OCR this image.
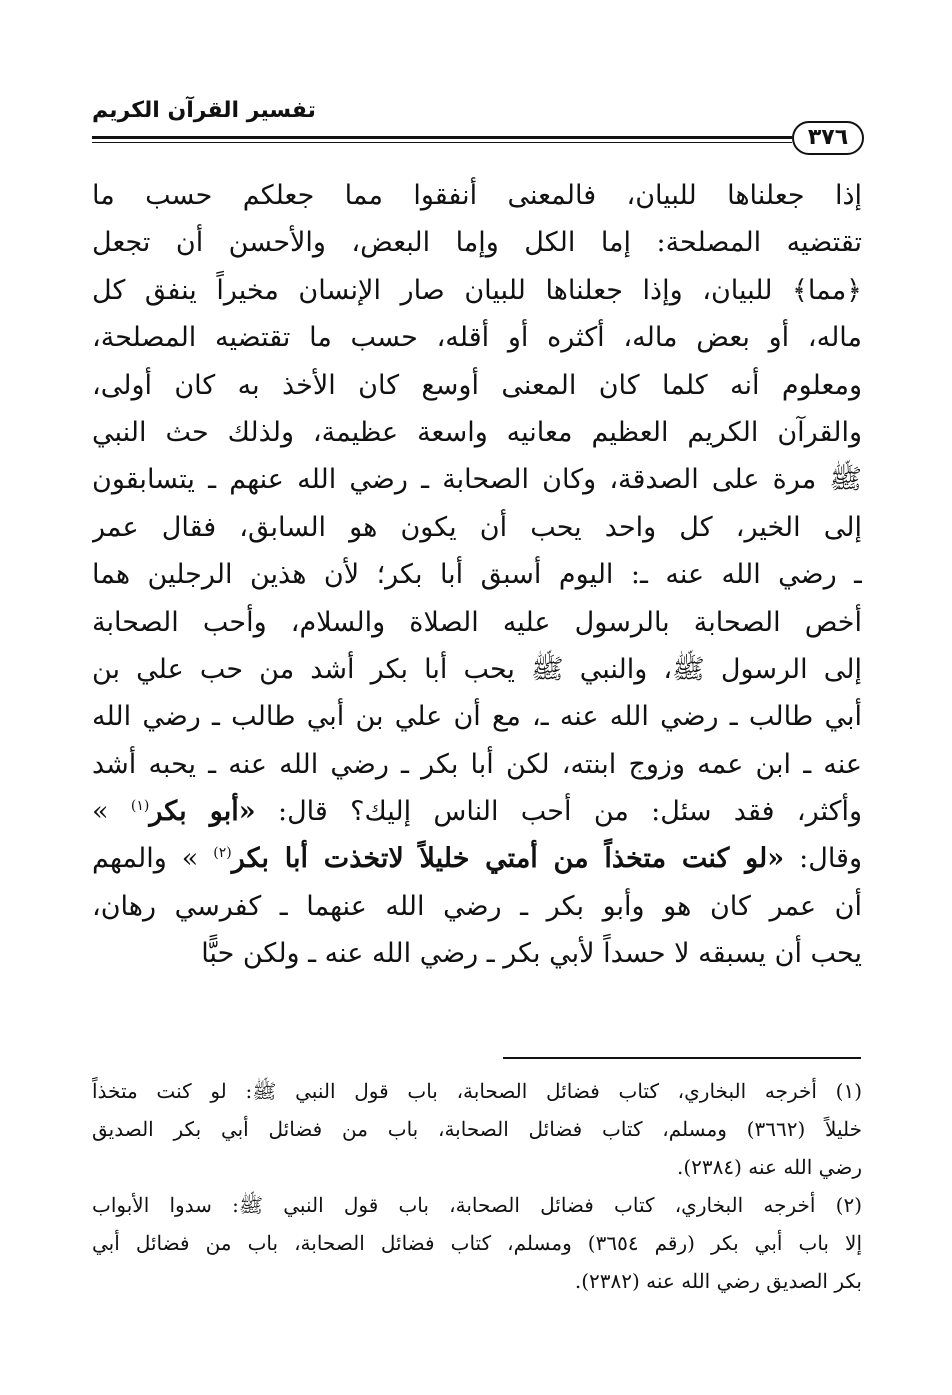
تفسير القرآن الكريم
٣٧٦
إذا جعلناها للبيان، فالمعنى أنفقوا مما جعلكم حسب ما
تقتضيه المصلحة: إما الكل وإما البعض، والأحسن أن تجعل
﴿مما﴾ للبيان، وإذا جعلناها للبيان صار الإنسان مخيراً ينفق كل
ماله، أو بعض ماله، أكثره أو أقله، حسب ما تقتضيه المصلحة،
ومعلوم أنه كلما كان المعنى أوسع كان الأخذ به كان أولى،
والقرآن الكريم العظيم معانيه واسعة عظيمة، ولذلك حث النبي
ﷺ مرة على الصدقة، وكان الصحابة ـ رضي الله عنهم ـ يتسابقون
إلى الخير، كل واحد يحب أن يكون هو السابق، فقال عمر
ـ رضي الله عنه ـ: اليوم أسبق أبا بكر؛ لأن هذين الرجلين هما
أخص الصحابة بالرسول عليه الصلاة والسلام، وأحب الصحابة
إلى الرسول ﷺ، والنبي ﷺ يحب أبا بكر أشد من حب علي بن
أبي طالب ـ رضي الله عنه ـ، مع أن علي بن أبي طالب ـ رضي الله
عنه ـ ابن عمه وزوج ابنته، لكن أبا بكر ـ رضي الله عنه ـ يحبه أشد
وأكثر، فقد سئل: من أحب الناس إليك؟ قال: «أبو بكر$^{(١)}$ »
وقال: «لو كنت متخذاً من أمتي خليلاً لاتخذت أبا بكر$^{(٢)}$ » والمهم
أن عمر كان هو وأبو بكر ـ رضي الله عنهما ـ كفرسي رهان،
يحب أن يسبقه لا حسداً لأبي بكر ـ رضي الله عنه ـ ولكن حبًّا
(١) أخرجه البخاري، كتاب فضائل الصحابة، باب قول النبي ﷺ: لو كنت متخذاً
خليلاً (٣٦٦٢) ومسلم، كتاب فضائل الصحابة، باب من فضائل أبي بكر الصديق
رضي الله عنه (٢٣٨٤).
(٢) أخرجه البخاري، كتاب فضائل الصحابة، باب قول النبي ﷺ: سدوا الأبواب
إلا باب أبي بكر (رقم ٣٦٥٤) ومسلم، كتاب فضائل الصحابة، باب من فضائل أبي
بكر الصديق رضي الله عنه (٢٣٨٢).
